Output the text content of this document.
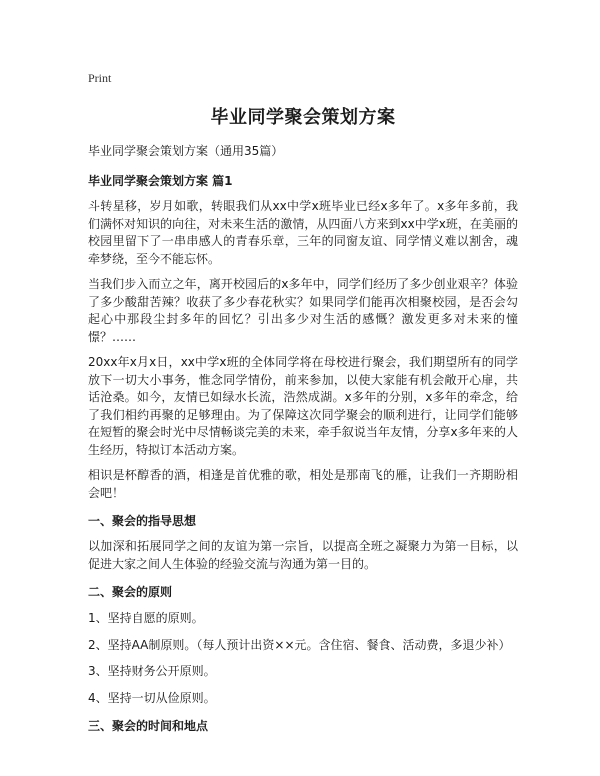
Print
毕业同学聚会策划方案
毕业同学聚会策划方案（通用35篇）
毕业同学聚会策划方案 篇1

斗转星移，岁月如歌，转眼我们从xx中学x班毕业已经x多年了。x多年多前，我们满怀对知识的向往，对未来生活的激情，从四面八方来到xx中学x班，在美丽的校园里留下了一串串感人的青春乐章，三年的同窗友谊、同学情义难以割舍，魂牵梦绕，至今不能忘怀。

当我们步入而立之年，离开校园后的x多年中，同学们经历了多少创业艰辛？体验了多少酸甜苦辣？收获了多少春花秋实？如果同学们能再次相聚校园，是否会勾起心中那段尘封多年的回忆？引出多少对生活的感慨？激发更多对未来的憧憬？……

20xx年x月x日，xx中学x班的全体同学将在母校进行聚会，我们期望所有的同学放下一切大小事务，惟念同学情份，前来参加，以使大家能有机会敞开心扉，共话沧桑。如今，友情已如绿水长流，浩然成湖。x多年的分别，x多年的牵念，给了我们相约再聚的足够理由。为了保障这次同学聚会的顺利进行，让同学们能够在短暂的聚会时光中尽情畅谈完美的未来，牵手叙说当年友情，分享x多年来的人生经历，特拟订本活动方案。

相识是杯醇香的酒，相逢是首优雅的歌，相处是那南飞的雁，让我们一齐期盼相会吧！

一、聚会的指导思想

以加深和拓展同学之间的友谊为第一宗旨，以提高全班之凝聚力为第一目标，以促进大家之间人生体验的经验交流与沟通为第一目的。

二、聚会的原则

1、坚持自愿的原则。

2、坚持AA制原则。（每人预计出资××元。含住宿、餐食、活动费，多退少补）

3、坚持财务公开原则。

4、坚持一切从俭原则。

三、聚会的时间和地点
